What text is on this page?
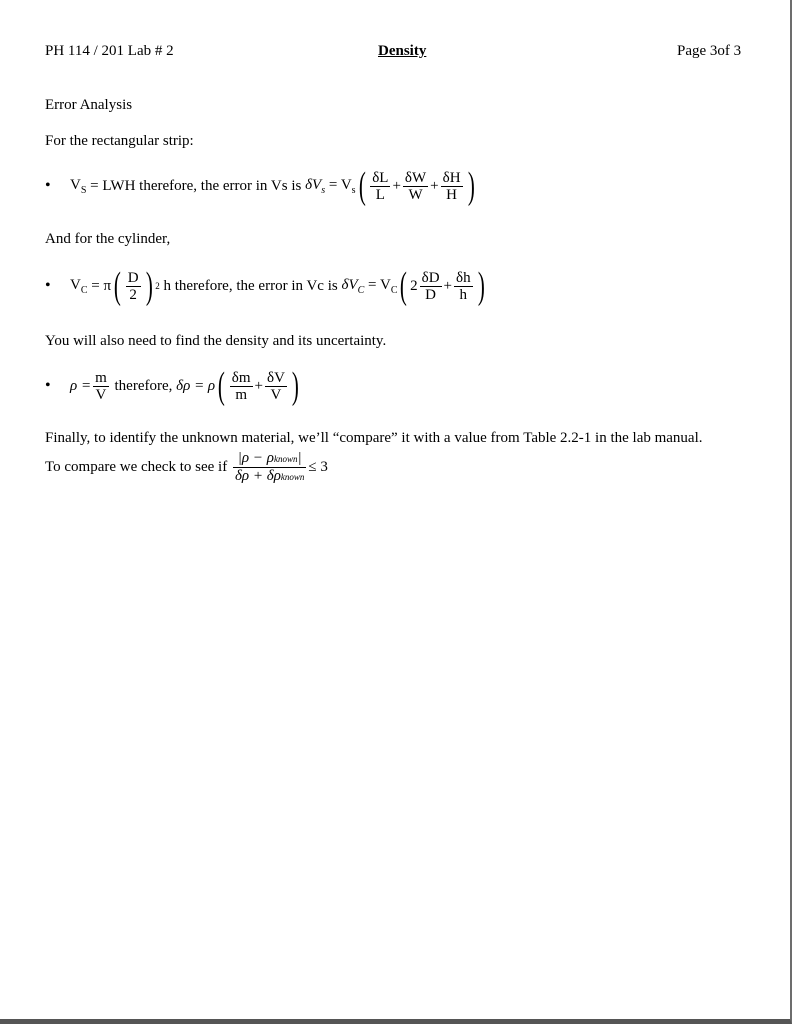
PH 114 / 201 Lab # 2	Density	Page 3of 3
Error Analysis
For the rectangular strip:
•	$V_S$
= LWH
therefore, the error in Vs is
$\delta V_s$
= $V_s$ ( $\frac{\delta L}{L} + \frac{\delta W}{W} + \frac{\delta H}{H}$ )
And for the cylinder,
•	$V_C$
= π ( $\frac{D}{2}$ ) 2
h therefore, the error in Vc is
$\delta V_C$
= $V_C$ ( $2 \frac{\delta D}{D} + \frac{\delta h}{h}$ )
You will also need to find the density and its uncertainty.
•	$\rho = \frac{m}{V}$
therefore,
δρ = ρ ( $\frac{\delta m}{m} + \frac{\delta V}{V}$ )
Finally, to identify the unknown material, we’ll “compare” it with a value from Table 2.2-1 in the lab manual.
To compare we check to see if
$\frac{\text{|ρ − ρknown|}}{\text{δρ + δρknown}} \le 3$
